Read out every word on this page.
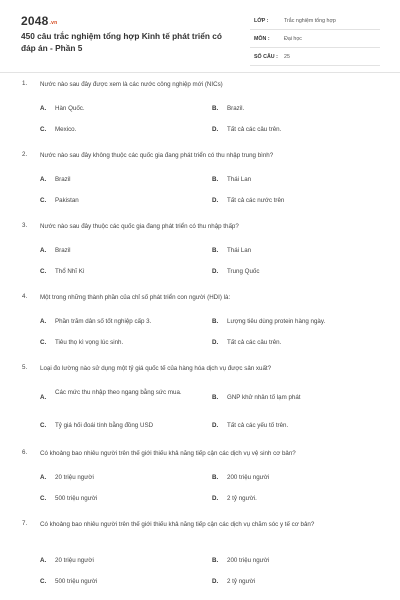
2048.vn
450 câu trắc nghiệm tổng hợp Kinh tế phát triển có đáp án - Phần 5
LỚP :	Trắc nghiệm tổng hợp
MÔN :	Đại học
SỐ CÂU : 25
1. Nước nào sau đây được xem là các nước công nghiệp mới (NICs)
A. Hàn Quốc.	B. Brazil.
C. Mexico.	D. Tất cả các câu trên.
2. Nước nào sau đây không thuộc các quốc gia đang phát triển có thu nhập trung bình?
A. Brazil	B. Thái Lan
C. Pakistan	D. Tất cả các nước trên
3. Nước nào sau đây thuộc các quốc gia đang phát triển có thu nhập thấp?
A. Brazil	B. Thái Lan
C. Thổ Nhĩ Kì	D. Trung Quốc
4. Một trong những thành phần của chỉ số phát triển con người (HDI) là:
A. Phần trăm dân số tốt nghiệp cấp 3.	B. Lượng tiêu dùng protein hàng ngày.
C. Tiêu thọ kì vọng lúc sinh.	D. Tất cả các câu trên.
5. Loại đo lường nào sử dụng một tỷ giá quốc tế của hàng hóa dịch vụ được sản xuất?
A.
Các mức thu nhập theo ngang bằng sức mua.
B. GNP khử nhân tố lạm phát
C. Tỷ giá hối đoái tính bằng đồng USD	D. Tất cả các yếu tố trên.
6. Có khoảng bao nhiêu người trên thế giới thiếu khả năng tiếp cận các dịch vụ vệ sinh cơ bản?
A. 20 triệu người	B. 200 triệu người
C. 500 triệu người	D. 2 tỷ người.
7. Có khoảng bao nhiêu người trên thế giới thiếu khả năng tiếp cận các dịch vụ chăm sóc y tế cơ bản?
A. 20 triệu người	B. 200 triệu người
C. 500 triệu người	D. 2 tỷ người
